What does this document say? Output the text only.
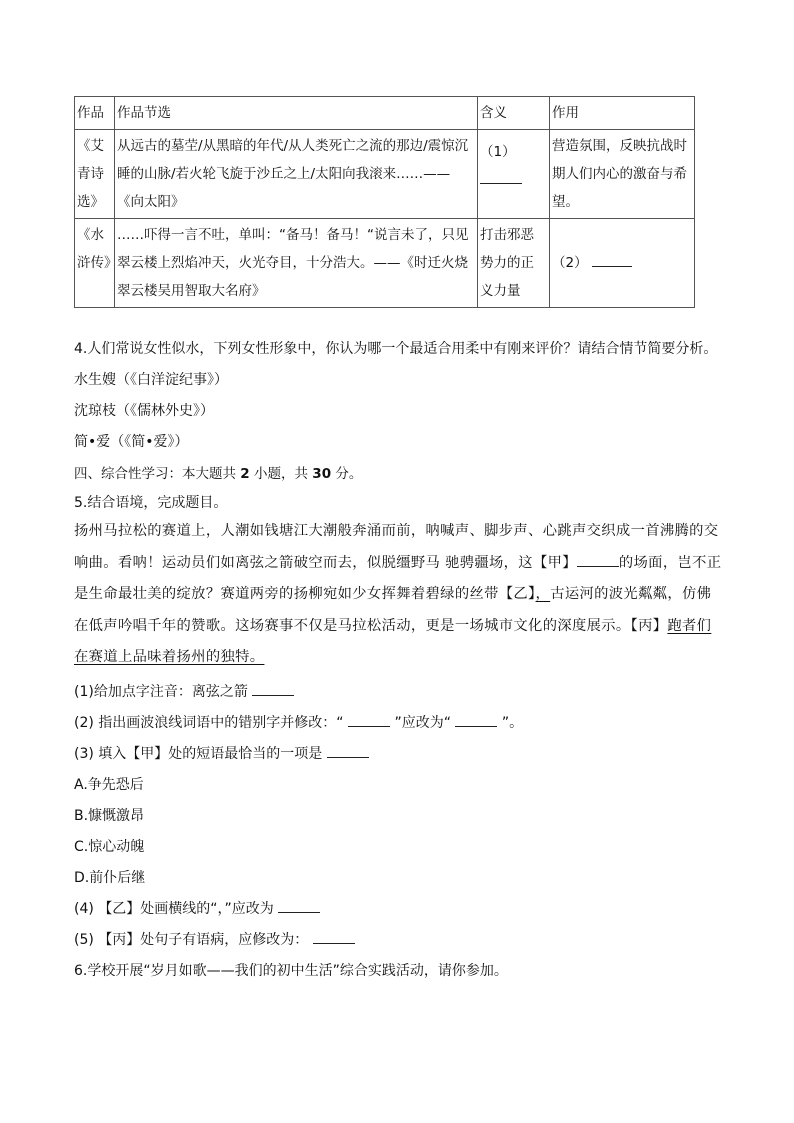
作品	作品节选	含义	作用
《艾青诗选》	从远古的墓茔/从黑暗的年代/从人类死亡之流的那边/震惊沉睡的山脉/若火轮飞旋于沙丘之上/太阳向我滚来……——《向太阳》	（1）	营造氛围，反映抗战时期人们内心的激奋与希望。
《水浒传》	……吓得一言不吐，单叫：“备马！备马！“说言未了，只见翠云楼上烈焰冲天，火光夺目，十分浩大。——《时迁火烧翠云楼吴用智取大名府》	打击邪恶势力的正义力量	（2）
4.人们常说女性似水，下列女性形象中，你认为哪一个最适合用柔中有刚来评价？请结合情节简要分析。
水生嫂（《白洋淀纪事》）
沈琼枝（《儒林外史》）
简•爱（《简•爱》）
四、综合性学习：本大题共 2 小题，共 30 分。
5.结合语境，完成题目。
扬州马拉松的赛道上，人潮如钱塘江大潮般奔涌而前，呐喊声、脚步声、心跳声交织成一首沸腾的交响曲。看呐！运动员们如离弦之箭破空而去，似脱缰野马 驰骋疆场，这【甲】	的场面，岂不正是生命最壮美的绽放？赛道两旁的扬柳宛如少女挥舞着碧绿的丝带【乙】，古运河的波光粼粼，仿佛在低声吟唱千年的赞歌。这场赛事不仅是马拉松活动，更是一场城市文化的深度展示。【丙】跑者们在赛道上品味着扬州的独特。
(1)给加点字注音：离弦之箭
(2) 指出画波浪线词语中的错别字并修改：“	”应改为“	”。
(3) 填入【甲】处的短语最恰当的一项是
A.争先恐后
B.慷慨激昂
C.惊心动魄
D.前仆后继
(4) 【乙】处画横线的“，”应改为
(5) 【丙】处句子有语病，应修改为：
6.学校开展“岁月如歌——我们的初中生活”综合实践活动，请你参加。
